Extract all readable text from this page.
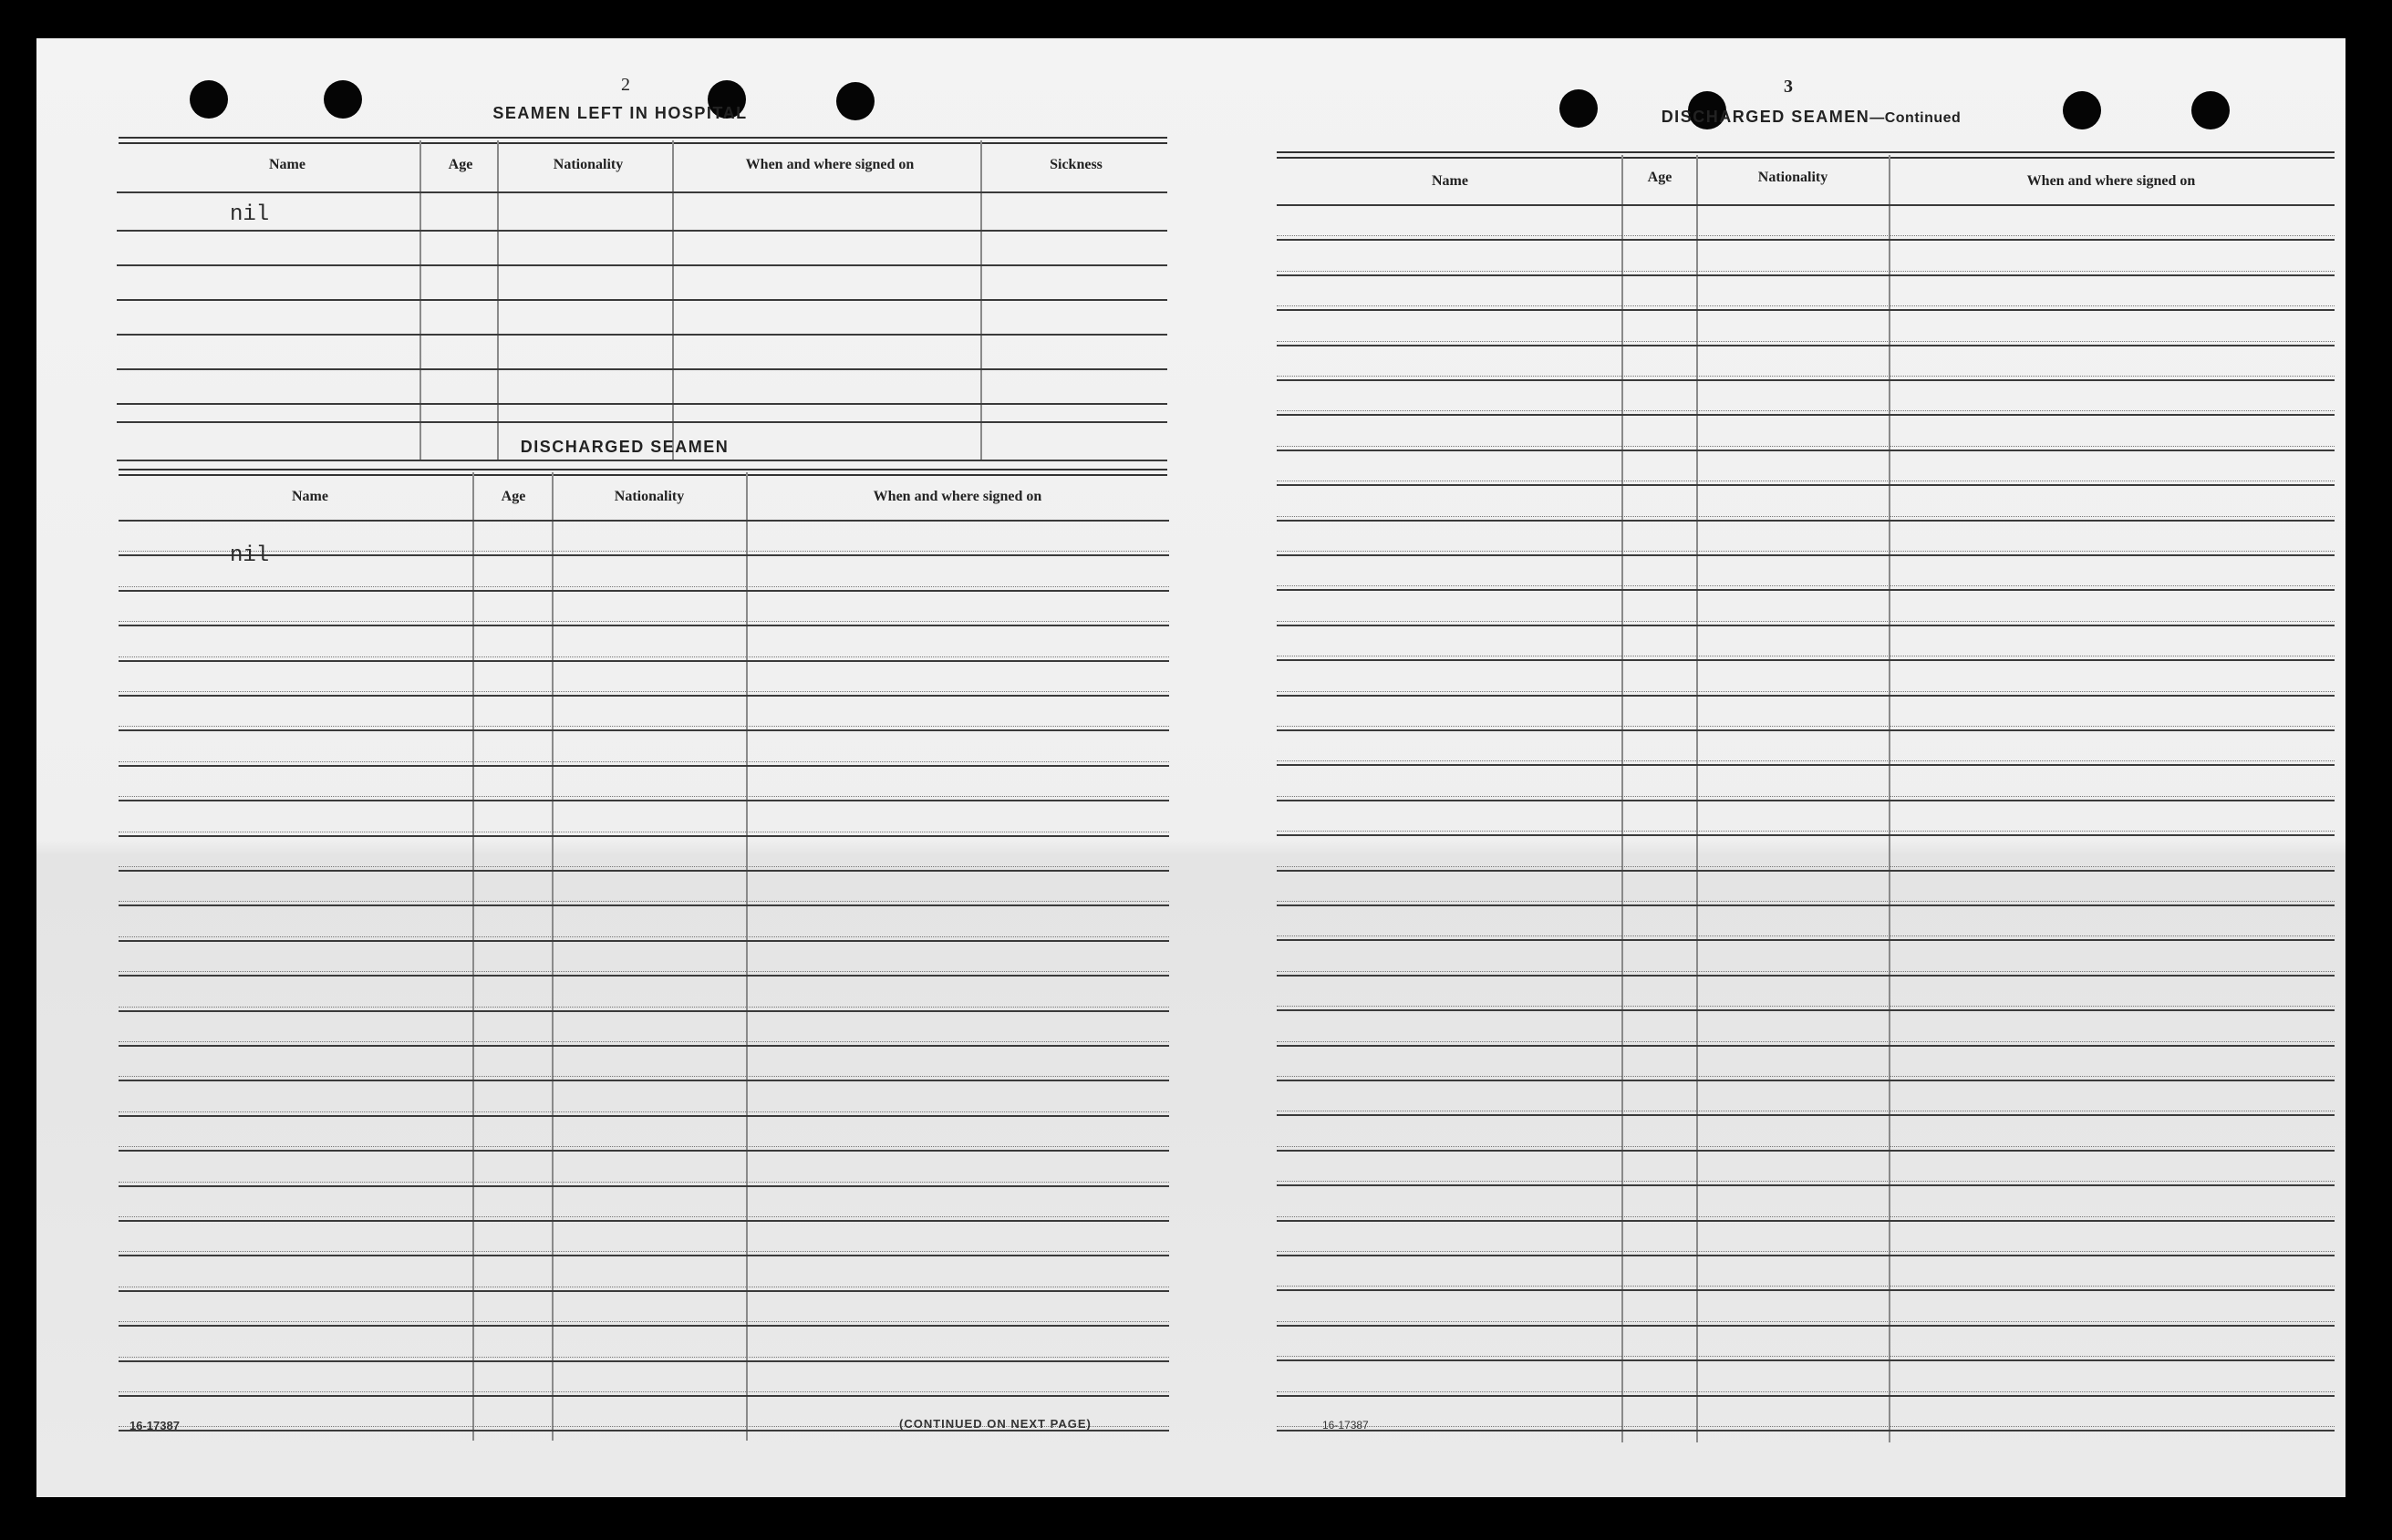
2
SEAMEN LEFT IN HOSPITAL
Name	Age	Nationality	When and where signed on	Sickness
nil
DISCHARGED SEAMEN
Name	Age	Nationality	When and where signed on
nil
16-17387	(CONTINUED ON NEXT PAGE)
3
DISCHARGED SEAMEN—Continued
Name	Age	Nationality	When and where signed on
16-17387
